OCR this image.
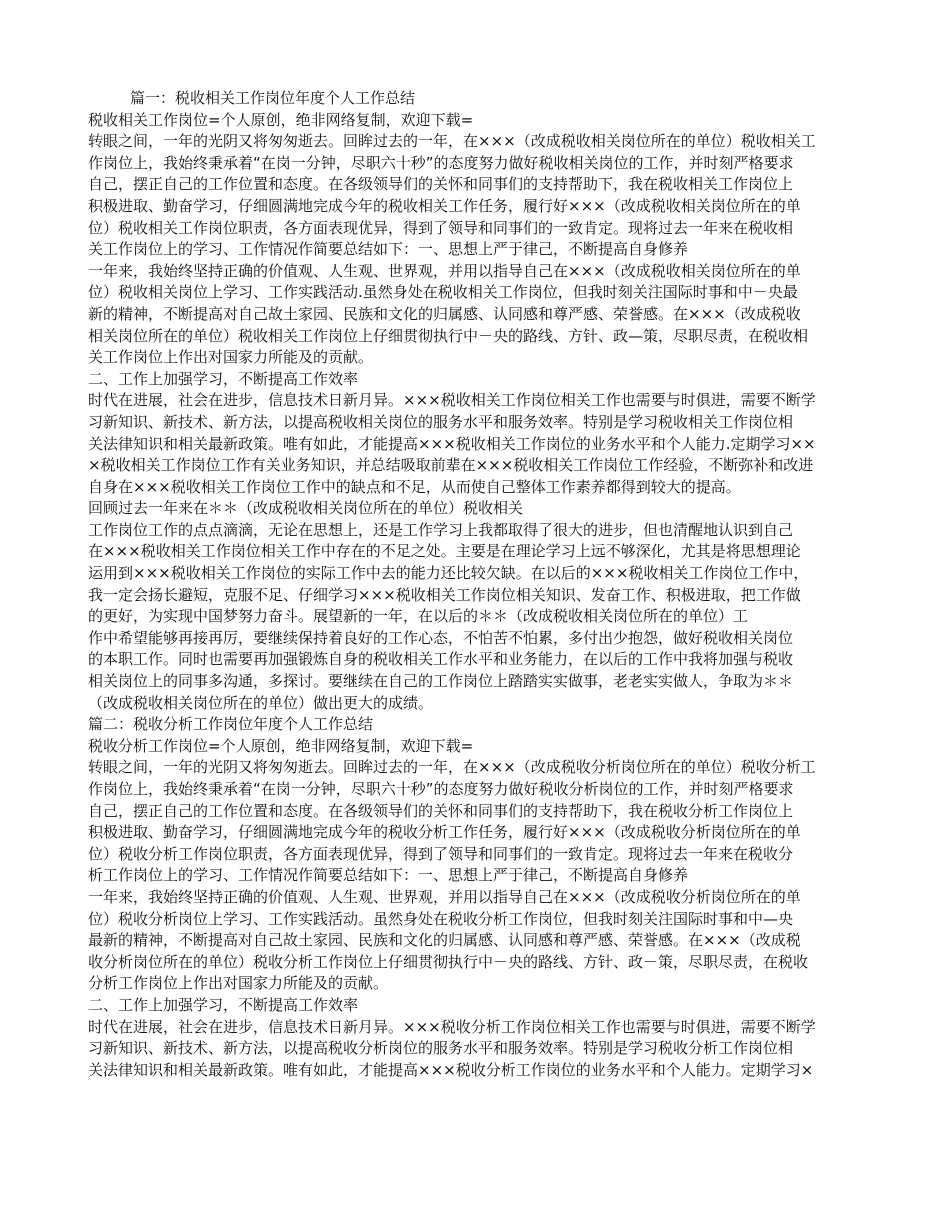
篇一：税收相关工作岗位年度个人工作总结
税收相关工作岗位=个人原创，绝非网络复制，欢迎下载=
转眼之间，一年的光阴又将匆匆逝去。回眸过去的一年，在×××（改成税收相关岗位所在的单位）税收相关工
作岗位上，我始终秉承着“在岗一分钟，尽职六十秒”的态度努力做好税收相关岗位的工作，并时刻严格要求
自己，摆正自己的工作位置和态度。在各级领导们的关怀和同事们的支持帮助下，我在税收相关工作岗位上
积极进取、勤奋学习，仔细圆满地完成今年的税收相关工作任务，履行好×××（改成税收相关岗位所在的单
位）税收相关工作岗位职责，各方面表现优异，得到了领导和同事们的一致肯定。现将过去一年来在税收相
关工作岗位上的学习、工作情况作简要总结如下：一、思想上严于律己，不断提高自身修养
一年来，我始终坚持正确的价值观、人生观、世界观，并用以指导自己在×××（改成税收相关岗位所在的单
位）税收相关岗位上学习、工作实践活动.虽然身处在税收相关工作岗位，但我时刻关注国际时事和中－央最
新的精神，不断提高对自己故土家园、民族和文化的归属感、认同感和尊严感、荣誉感。在×××（改成税收
相关岗位所在的单位）税收相关工作岗位上仔细贯彻执行中－央的路线、方针、政—策，尽职尽责，在税收相
关工作岗位上作出对国家力所能及的贡献。
二、工作上加强学习，不断提高工作效率
时代在进展，社会在进步，信息技术日新月异。×××税收相关工作岗位相关工作也需要与时俱进，需要不断学
习新知识、新技术、新方法，以提高税收相关岗位的服务水平和服务效率。特别是学习税收相关工作岗位相
关法律知识和相关最新政策。唯有如此，才能提高×××税收相关工作岗位的业务水平和个人能力.定期学习××
×税收相关工作岗位工作有关业务知识，并总结吸取前辈在×××税收相关工作岗位工作经验，不断弥补和改进
自身在×××税收相关工作岗位工作中的缺点和不足，从而使自己整体工作素养都得到较大的提高。
回顾过去一年来在＊＊（改成税收相关岗位所在的单位）税收相关
工作岗位工作的点点滴滴，无论在思想上，还是工作学习上我都取得了很大的进步，但也清醒地认识到自己
在×××税收相关工作岗位相关工作中存在的不足之处。主要是在理论学习上远不够深化，尤其是将思想理论
运用到×××税收相关工作岗位的实际工作中去的能力还比较欠缺。在以后的×××税收相关工作岗位工作中，
我一定会扬长避短，克服不足、仔细学习×××税收相关工作岗位相关知识、发奋工作、积极进取，把工作做
的更好，为实现中国梦努力奋斗。展望新的一年，在以后的＊＊（改成税收相关岗位所在的单位）工
作中希望能够再接再厉，要继续保持着良好的工作心态，不怕苦不怕累，多付出少抱怨，做好税收相关岗位
的本职工作。同时也需要再加强锻炼自身的税收相关工作水平和业务能力，在以后的工作中我将加强与税收
相关岗位上的同事多沟通，多探讨。要继续在自己的工作岗位上踏踏实实做事，老老实实做人，争取为＊＊
（改成税收相关岗位所在的单位）做出更大的成绩。
篇二：税收分析工作岗位年度个人工作总结
税收分析工作岗位=个人原创，绝非网络复制，欢迎下载=
转眼之间，一年的光阴又将匆匆逝去。回眸过去的一年，在×××（改成税收分析岗位所在的单位）税收分析工
作岗位上，我始终秉承着“在岗一分钟，尽职六十秒”的态度努力做好税收分析岗位的工作，并时刻严格要求
自己，摆正自己的工作位置和态度。在各级领导们的关怀和同事们的支持帮助下，我在税收分析工作岗位上
积极进取、勤奋学习，仔细圆满地完成今年的税收分析工作任务，履行好×××（改成税收分析岗位所在的单
位）税收分析工作岗位职责，各方面表现优异，得到了领导和同事们的一致肯定。现将过去一年来在税收分
析工作岗位上的学习、工作情况作简要总结如下：一、思想上严于律己，不断提高自身修养
一年来，我始终坚持正确的价值观、人生观、世界观，并用以指导自己在×××（改成税收分析岗位所在的单
位）税收分析岗位上学习、工作实践活动。虽然身处在税收分析工作岗位，但我时刻关注国际时事和中—央
最新的精神，不断提高对自己故土家园、民族和文化的归属感、认同感和尊严感、荣誉感。在×××（改成税
收分析岗位所在的单位）税收分析工作岗位上仔细贯彻执行中－央的路线、方针、政－策，尽职尽责，在税收
分析工作岗位上作出对国家力所能及的贡献。
二、工作上加强学习，不断提高工作效率
时代在进展，社会在进步，信息技术日新月异。×××税收分析工作岗位相关工作也需要与时俱进，需要不断学
习新知识、新技术、新方法，以提高税收分析岗位的服务水平和服务效率。特别是学习税收分析工作岗位相
关法律知识和相关最新政策。唯有如此，才能提高×××税收分析工作岗位的业务水平和个人能力。定期学习×
